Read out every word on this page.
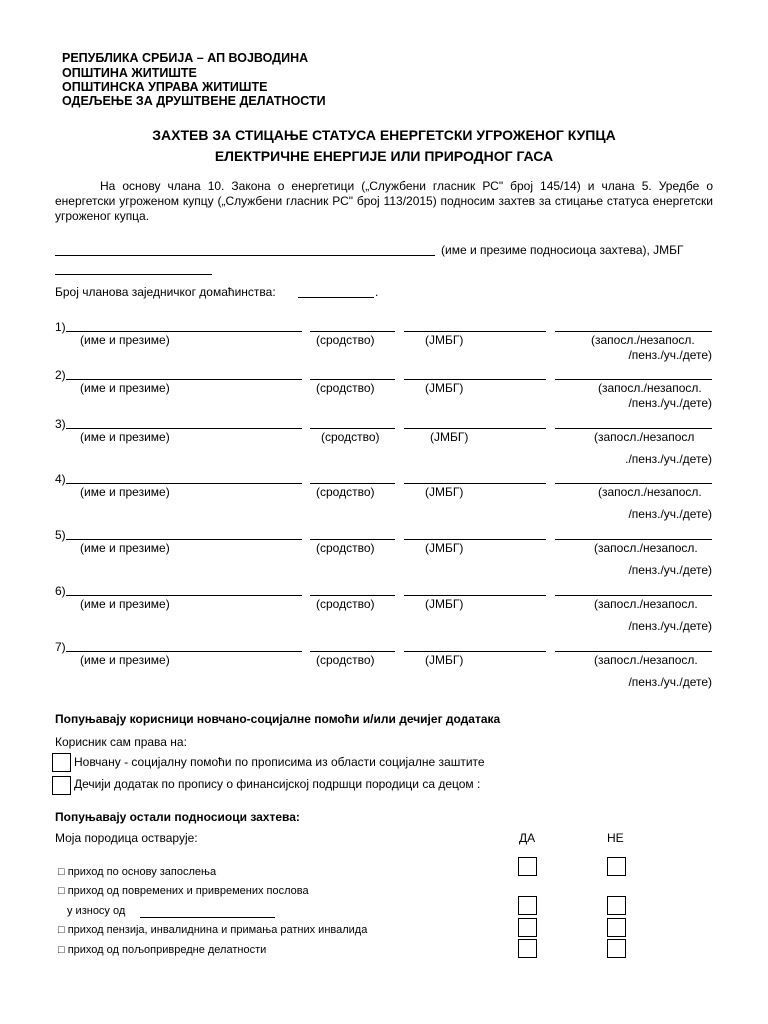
РЕПУБЛИКА СРБИЈА – АП ВОЈВОДИНА
ОПШТИНА ЖИТИШТЕ
ОПШТИНСКА УПРАВА ЖИТИШТЕ
ОДЕЉЕЊЕ ЗА ДРУШТВЕНЕ ДЕЛАТНОСТИ
ЗАХТЕВ ЗА СТИЦАЊЕ СТАТУСА ЕНЕРГЕТСКИ УГРОЖЕНОГ КУПЦА
ЕЛЕКТРИЧНЕ ЕНЕРГИЈЕ ИЛИ ПРИРОДНОГ ГАСА
На основу члана 10. Закона о енергетици („Службени гласник РС" број 145/14) и члана 5. Уредбе о енергетски угроженом купцу („Службени гласник РС" број 113/2015) подносим захтев за стицање статуса енергетски угроженог купца.
(име и презиме подносиоца захтева), ЈМБГ
Број чланова заједничког домаћинства:	.
1)
(име и презиме)	(сродство)	(ЈМБГ)	(запосл./незапосл.
/пенз./уч./дете)
2)
(име и презиме)	(сродство)	(ЈМБГ)	(запосл./незапосл.
/пенз./уч./дете)
3)
(име и презиме)	(сродство)	(ЈМБГ)	(запосл./незапосл
./пенз./уч./дете)
4)
(име и презиме)	(сродство)	(ЈМБГ)	(запосл./незапосл.
/пенз./уч./дете)
5)
(име и презиме)	(сродство)	(ЈМБГ)	(запосл./незапосл.
/пенз./уч./дете)
6)
(име и презиме)	(сродство)	(ЈМБГ)	(запосл./незапосл.
/пенз./уч./дете)
7)
(име и презиме)	(сродство)	(ЈМБГ)	(запосл./незапосл.
/пенз./уч./дете)
Попуњавају корисници новчано-социјалне помоћи и/или дечијег додатака
Корисник сам права на:
Новчану - социјалну помоћи по прописима из области социјалне заштите
Дечији додатак по пропису о финансијској подршци породици са децом :
Попуњавају остали подносиоци захтева:
Моја породица остварује:	ДА	НЕ
□ приход по основу запослења
□ приход од повремених и привремених послова
у износу од
□ приход пензија, инвалиднина и примања ратних инвалида
□ приход од пољопривредне делатности
